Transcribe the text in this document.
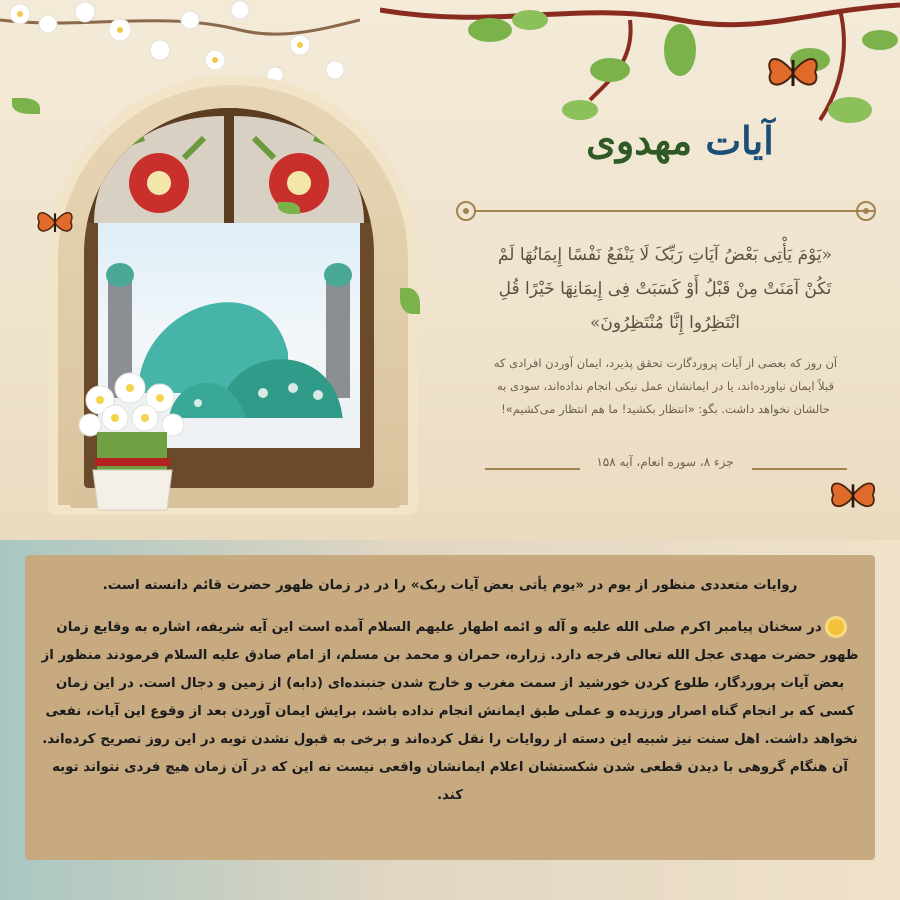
آیات مهدوی
«یَوْمَ یَأْتِی بَعْضُ آیَاتِ رَبِّکَ لَا یَنْفَعُ نَفْسًا إِیمَانُهَا لَمْ تَکُنْ آمَنَتْ مِنْ قَبْلُ أَوْ کَسَبَتْ فِی إِیمَانِهَا خَیْرًا قُلِ انْتَظِرُوا إِنَّا مُنْتَظِرُونَ»
آن روز که بعضی از آیات پروردگارت تحقق پذیرد، ایمان آوردن افرادی که قبلاً ایمان نیاورده‌اند، یا در ایمانشان عمل نیکی انجام نداده‌اند، سودی به حالشان نخواهد داشت. بگو: «انتظار بکشید! ما هم انتظار می‌کشیم»!
جزء ۸، سوره انعام، آیه ۱۵۸

روایات متعددی منظور از یوم در «یوم یأتی بعض آیات ربک» را در در زمان ظهور حضرت قائم دانسته است.

در سخنان پیامبر اکرم صلی الله علیه و آله و ائمه اطهار علیهم السلام آمده است این آیه شریفه، اشاره به وقایع زمان ظهور حضرت مهدی عجل الله تعالی فرجه دارد. زراره، حمران و محمد بن مسلم، از امام صادق علیه السلام فرمودند منظور از بعض آیات پروردگار، طلوع کردن خورشید از سمت مغرب و خارج شدن جنبنده‌ای (دابه) از زمین و دجال است. در این زمان کسی که بر انجام گناه اصرار ورزیده و عملی طبق ایمانش انجام نداده باشد، برایش ایمان آوردن بعد از وقوع این آیات، نفعی نخواهد داشت. اهل سنت نیز شبیه این دسته از روایات را نقل کرده‌اند و برخی به قبول نشدن توبه در این روز تصریح کرده‌اند.

آن هنگام گروهی با دیدن قطعی شدن شکستشان اعلام ایمانشان واقعی نیست نه این که در آن زمان هیچ فردی نتواند توبه کند.
